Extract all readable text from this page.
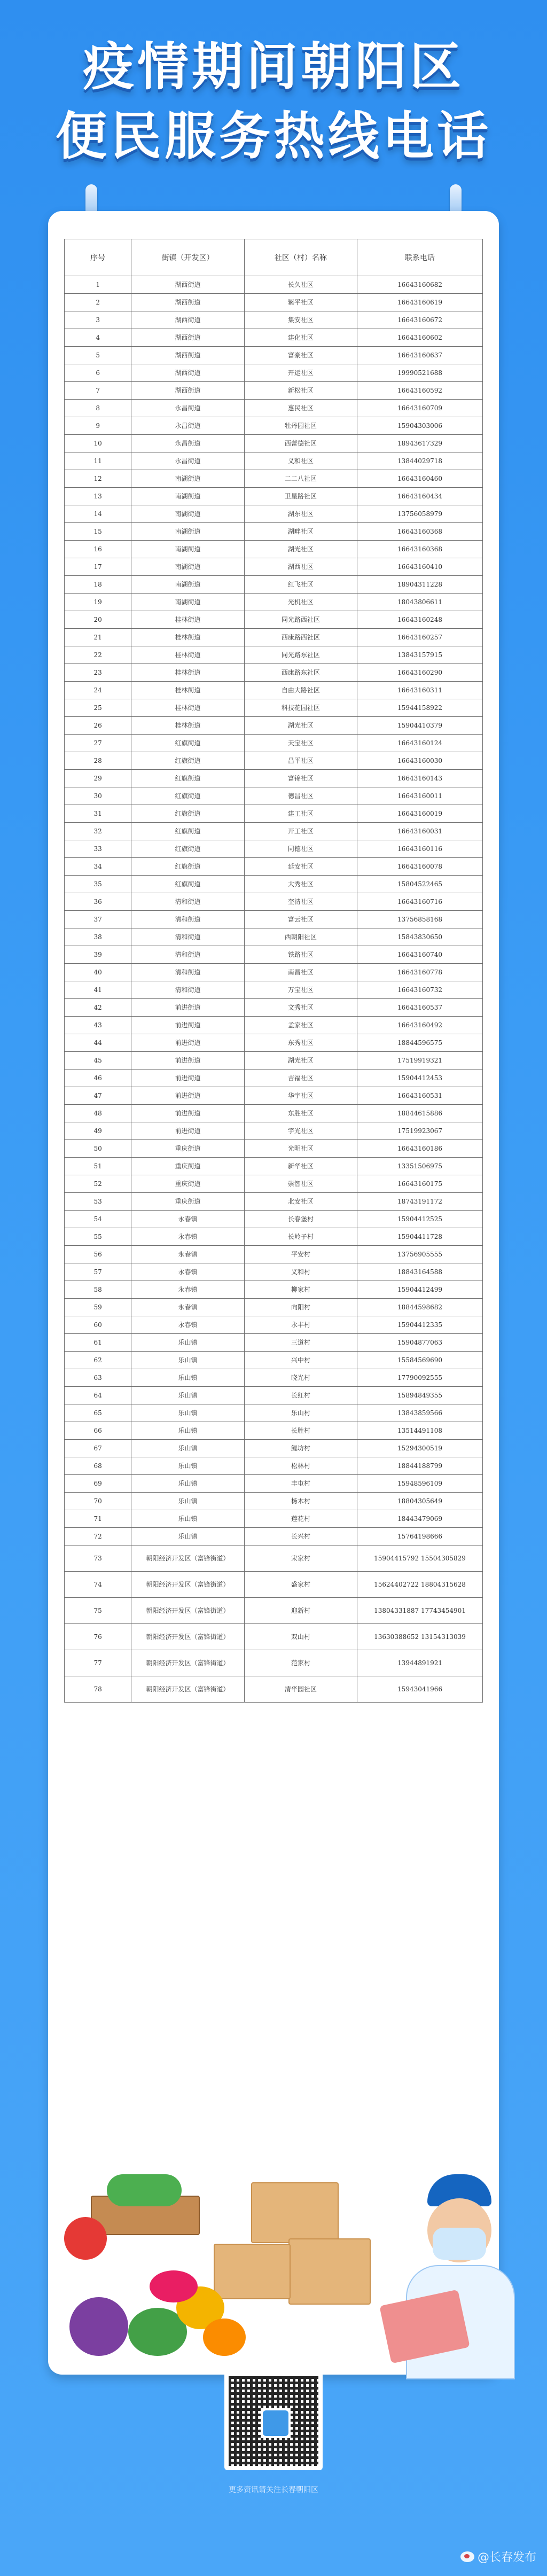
疫情期间朝阳区
便民服务热线电话
序号	街镇（开发区）	社区（村）名称	联系电话
1	湖西街道	长久社区	16643160682
2	湖西街道	繁平社区	16643160619
3	湖西街道	集安社区	16643160672
4	湖西街道	建化社区	16643160602
5	湖西街道	富豪社区	16643160637
6	湖西街道	开运社区	19990521688
7	湖西街道	新松社区	16643160592
8	永昌街道	惠民社区	16643160709
9	永昌街道	牡丹园社区	15904303006
10	永昌街道	西蕾德社区	18943617329
11	永昌街道	义和社区	13844029718
12	南湖街道	二二八社区	16643160460
13	南湖街道	卫星路社区	16643160434
14	南湖街道	湖东社区	13756058979
15	南湖街道	湖畔社区	16643160368
16	南湖街道	湖光社区	16643160368
17	南湖街道	湖西社区	16643160410
18	南湖街道	红飞社区	18904311228
19	南湖街道	光机社区	18043806611
20	桂林街道	同光路西社区	16643160248
21	桂林街道	西康路西社区	16643160257
22	桂林街道	同光路东社区	13843157915
23	桂林街道	西康路东社区	16643160290
24	桂林街道	自由大路社区	16643160311
25	桂林街道	科技花园社区	15944158922
26	桂林街道	湖光社区	15904410379
27	红旗街道	天宝社区	16643160124
28	红旗街道	昌平社区	16643160030
29	红旗街道	富锦社区	16643160143
30	红旗街道	德昌社区	16643160011
31	红旗街道	建工社区	16643160019
32	红旗街道	开工社区	16643160031
33	红旗街道	同德社区	16643160116
34	红旗街道	延安社区	16643160078
35	红旗街道	大秀社区	15804522465
36	清和街道	奎清社区	16643160716
37	清和街道	富云社区	13756858168
38	清和街道	西朝阳社区	15843830650
39	清和街道	铁路社区	16643160740
40	清和街道	南昌社区	16643160778
41	清和街道	万宝社区	16643160732
42	前进街道	文秀社区	16643160537
43	前进街道	孟家社区	16643160492
44	前进街道	东秀社区	18844596575
45	前进街道	湖光社区	17519919321
46	前进街道	吉福社区	15904412453
47	前进街道	华宇社区	16643160531
48	前进街道	东胜社区	18844615886
49	前进街道	宇光社区	17519923067
50	重庆街道	光明社区	16643160186
51	重庆街道	新华社区	13351506975
52	重庆街道	崇智社区	16643160175
53	重庆街道	北安社区	18743191172
54	永春镇	长春堡村	15904412525
55	永春镇	长岭子村	15904411728
56	永春镇	平安村	13756905555
57	永春镇	义和村	18843164588
58	永春镇	柳家村	15904412499
59	永春镇	向阳村	18844598682
60	永春镇	永丰村	15904412335
61	乐山镇	三道村	15904877063
62	乐山镇	兴中村	15584569690
63	乐山镇	晓光村	17790092555
64	乐山镇	长红村	15894849355
65	乐山镇	乐山村	13843859566
66	乐山镇	长胜村	13514491108
67	乐山镇	鲤坊村	15294300519
68	乐山镇	松林村	18844188799
69	乐山镇	丰屯村	15948596109
70	乐山镇	杨木村	18804305649
71	乐山镇	莲花村	18443479069
72	乐山镇	长兴村	15764198666
73	朝阳经济开发区（富锋街道）	宋家村	15904415792 15504305829
74	朝阳经济开发区（富锋街道）	盛家村	15624402722 18804315628
75	朝阳经济开发区（富锋街道）	迎新村	13804331887 17743454901
76	朝阳经济开发区（富锋街道）	双山村	13630388652 13154313039
77	朝阳经济开发区（富锋街道）	范家村	13944891921
78	朝阳经济开发区（富锋街道）	清华园社区	15943041966
更多资讯请关注长春朝阳区
@长春发布
